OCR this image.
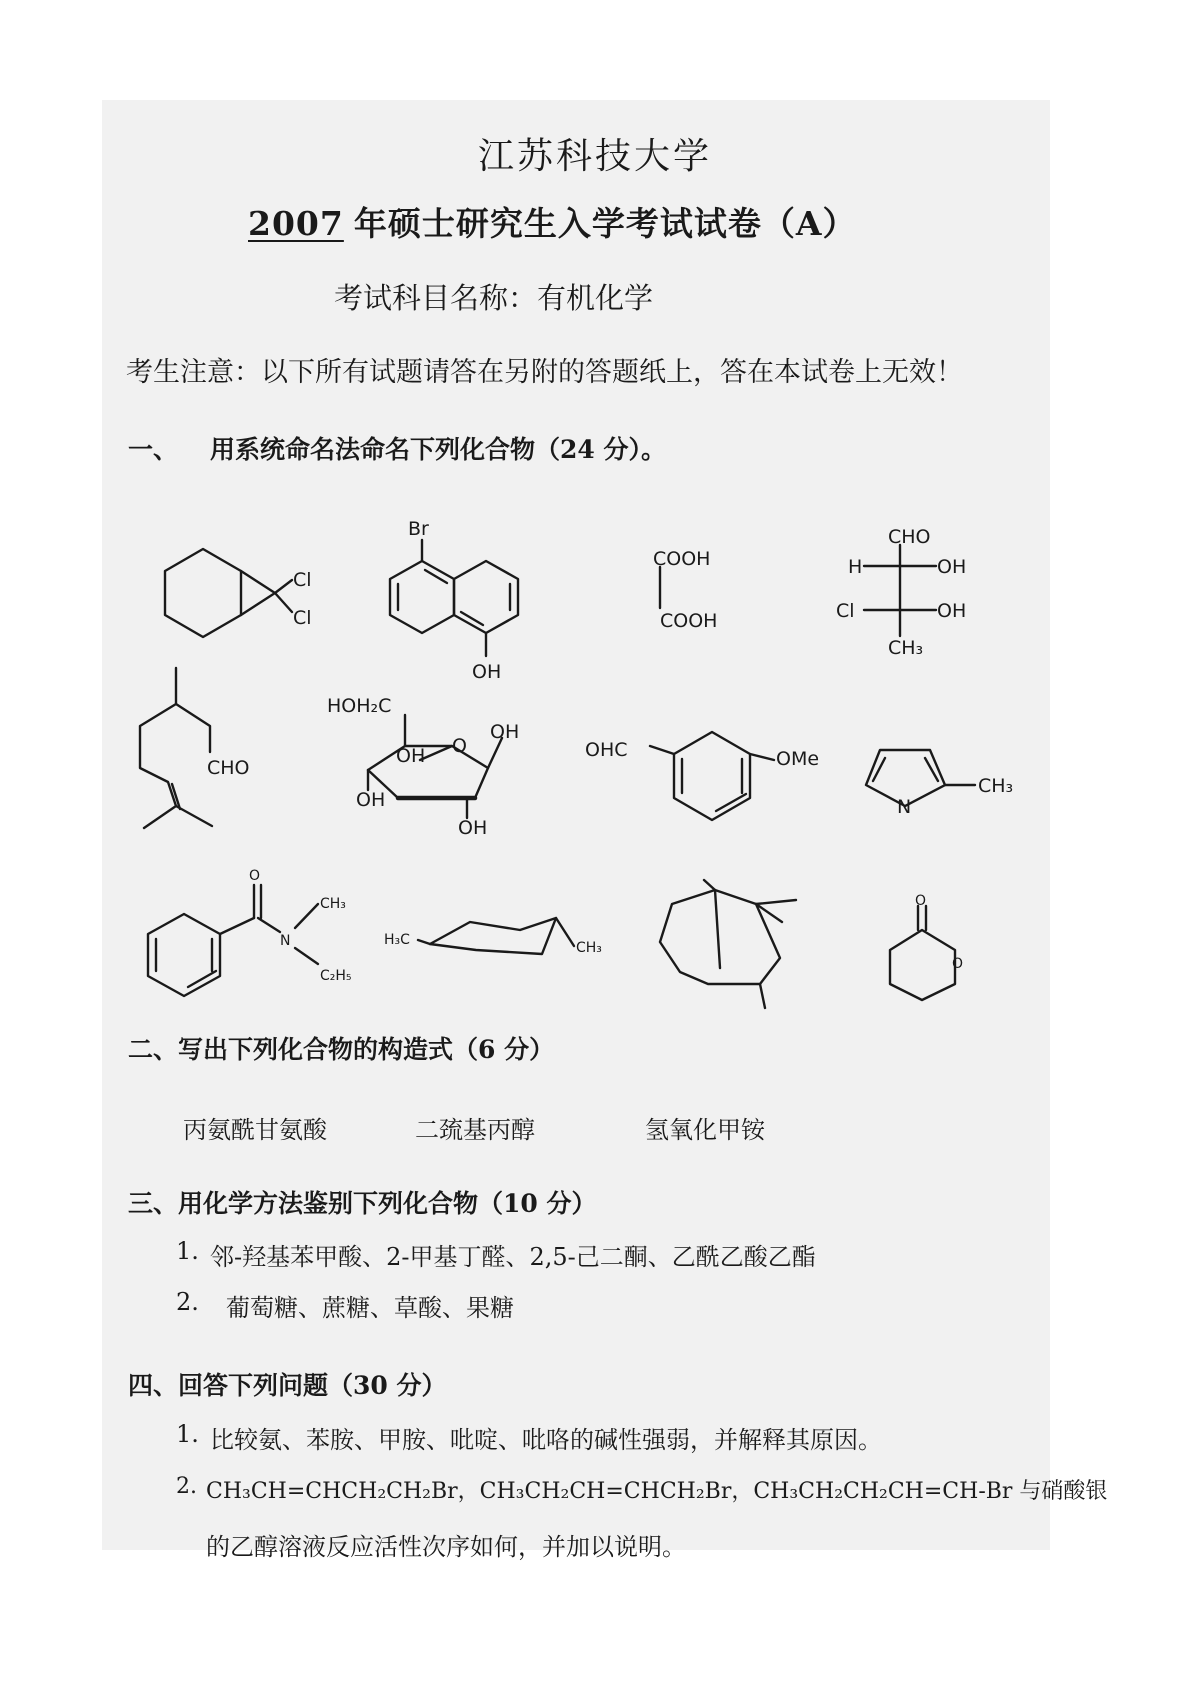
江苏科技大学
2007 年硕士研究生入学考试试卷（A）
考试科目名称：有机化学
考生注意：以下所有试题请答在另附的答题纸上，答在本试卷上无效！
一、 用系统命名法命名下列化合物（24 分）。
Cl
Cl
Br
OH
COOH
COOH
CHO
H	OH
Cl	OH
CH₃
CHO
HOH₂C
O
OH
OH
OH
OH
OHC	OMe
N
CH₃
O
N
CH₃
C₂H₅
H₃C	CH₃
O
O
二、写出下列化合物的构造式（6 分）
丙氨酰甘氨酸	二巯基丙醇	氢氧化甲铵
三、用化学方法鉴别下列化合物（10 分）
1. 邻-羟基苯甲酸、2-甲基丁醛、2,5-己二酮、乙酰乙酸乙酯
2. 葡萄糖、蔗糖、草酸、果糖
四、回答下列问题（30 分）
1. 比较氨、苯胺、甲胺、吡啶、吡咯的碱性强弱，并解释其原因。
2. CH₃CH=CHCH₂CH₂Br，CH₃CH₂CH=CHCH₂Br，CH₃CH₂CH₂CH=CH-Br 与硝酸银
的乙醇溶液反应活性次序如何，并加以说明。
